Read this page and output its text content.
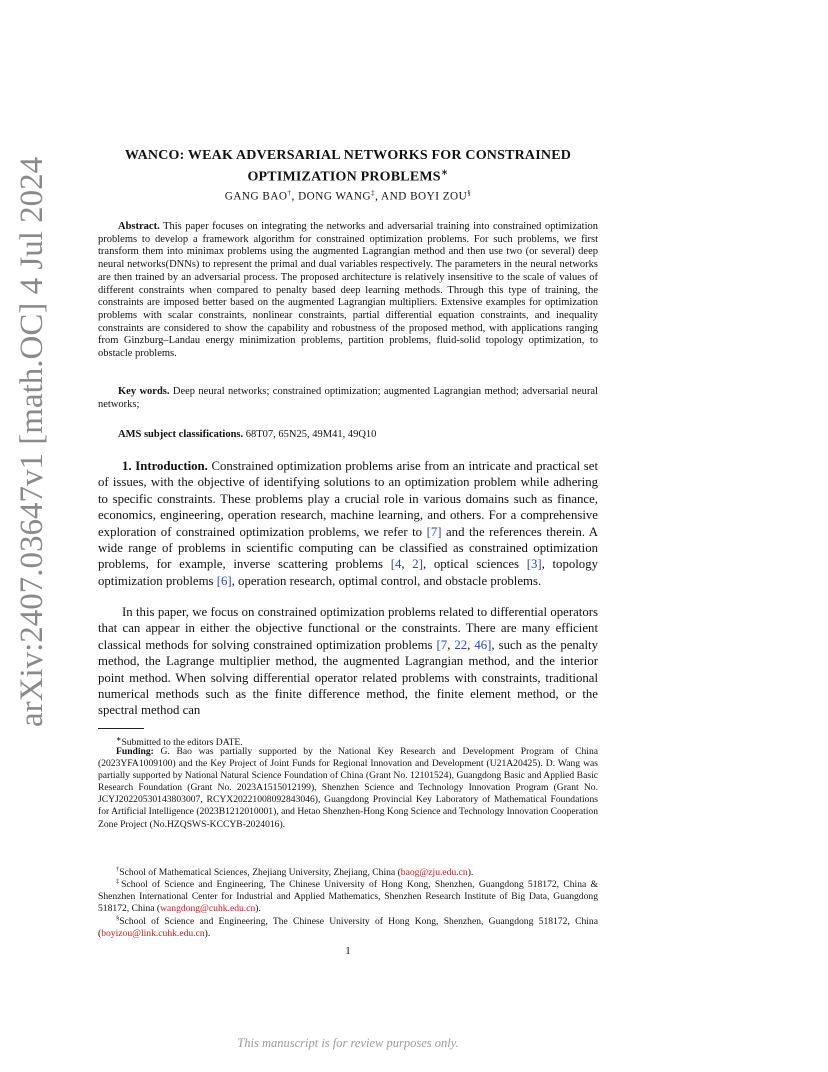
arXiv:2407.03647v1 [math.OC] 4 Jul 2024
WANCO: WEAK ADVERSARIAL NETWORKS FOR CONSTRAINED OPTIMIZATION PROBLEMS∗
GANG BAO†, DONG WANG‡, AND BOYI ZOU§
Abstract. This paper focuses on integrating the networks and adversarial training into constrained optimization problems to develop a framework algorithm for constrained optimization problems. For such problems, we first transform them into minimax problems using the augmented Lagrangian method and then use two (or several) deep neural networks(DNNs) to represent the primal and dual variables respectively. The parameters in the neural networks are then trained by an adversarial process. The proposed architecture is relatively insensitive to the scale of values of different constraints when compared to penalty based deep learning methods. Through this type of training, the constraints are imposed better based on the augmented Lagrangian multipliers. Extensive examples for optimization problems with scalar constraints, nonlinear constraints, partial differential equation constraints, and inequality constraints are considered to show the capability and robustness of the proposed method, with applications ranging from Ginzburg–Landau energy minimization problems, partition problems, fluid-solid topology optimization, to obstacle problems.
Key words. Deep neural networks; constrained optimization; augmented Lagrangian method; adversarial neural networks;
AMS subject classifications. 68T07, 65N25, 49M41, 49Q10

1. Introduction. Constrained optimization problems arise from an intricate and practical set of issues, with the objective of identifying solutions to an optimization problem while adhering to specific constraints. These problems play a crucial role in various domains such as finance, economics, engineering, operation research, machine learning, and others. For a comprehensive exploration of constrained optimization problems, we refer to [7] and the references therein. A wide range of problems in scientific computing can be classified as constrained optimization problems, for example, inverse scattering problems [4, 2], optical sciences [3], topology optimization problems [6], operation research, optimal control, and obstacle problems.

In this paper, we focus on constrained optimization problems related to differential operators that can appear in either the objective functional or the constraints. There are many efficient classical methods for solving constrained optimization problems [7, 22, 46], such as the penalty method, the Lagrange multiplier method, the augmented Lagrangian method, and the interior point method. When solving differential operator related problems with constraints, traditional numerical methods such as the finite difference method, the finite element method, or the spectral method can

∗Submitted to the editors DATE.

Funding: G. Bao was partially supported by the National Key Research and Development Program of China (2023YFA1009100) and the Key Project of Joint Funds for Regional Innovation and Development (U21A20425). D. Wang was partially supported by National Natural Science Foundation of China (Grant No. 12101524), Guangdong Basic and Applied Basic Research Foundation (Grant No. 2023A1515012199), Shenzhen Science and Technology Innovation Program (Grant No. JCYJ20220530143803007, RCYX20221008092843046), Guangdong Provincial Key Laboratory of Mathematical Foundations for Artificial Intelligence (2023B1212010001), and Hetao Shenzhen-Hong Kong Science and Technology Innovation Cooperation Zone Project (No.HZQSWS-KCCYB-2024016).

†School of Mathematical Sciences, Zhejiang University, Zhejiang, China (baog@zju.edu.cn).

‡School of Science and Engineering, The Chinese University of Hong Kong, Shenzhen, Guangdong 518172, China & Shenzhen International Center for Industrial and Applied Mathematics, Shenzhen Research Institute of Big Data, Guangdong 518172, China (wangdong@cuhk.edu.cn).

§School of Science and Engineering, The Chinese University of Hong Kong, Shenzhen, Guangdong 518172, China (boyizou@link.cuhk.edu.cn).

1
This manuscript is for review purposes only.
